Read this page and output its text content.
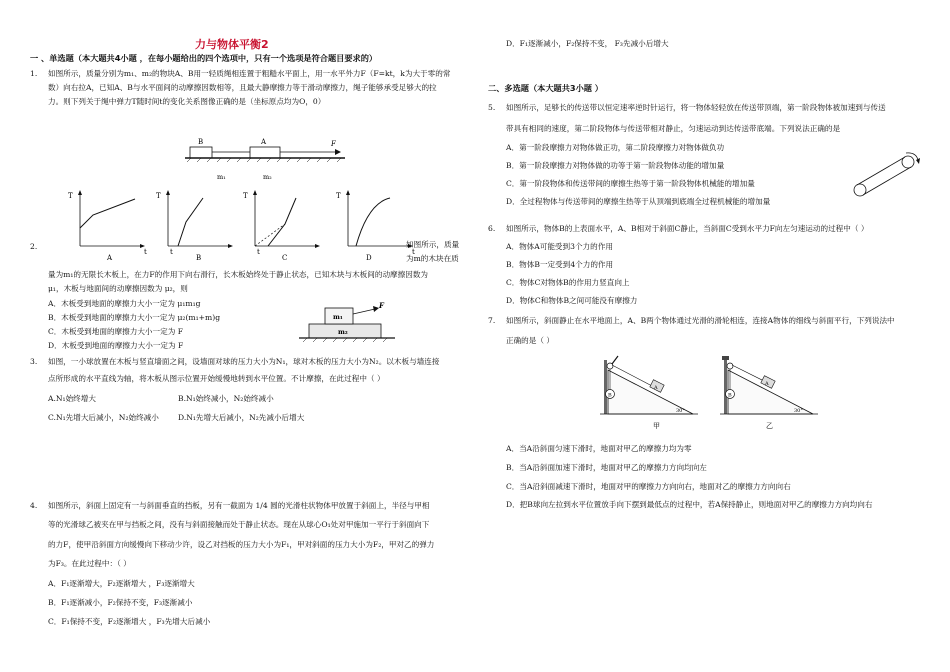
力与物体平衡2
一 、单选题（本大题共4小题 ，在每小题给出的四个选项中，只有一个选项是符合题目要求的）
1. 如图所示，质量分别为m₁、m₂的物块A、B用一轻质绳相连置于粗糙水平面上，用一水平外力F（F=kt，k为大于零的常
数）向右拉A，已知A、B与水平面间的动摩擦因数相等，且最大静摩擦力等于滑动摩擦力，绳子能够承受足够大的拉
力。则下列关于绳中弹力T随时间t的变化关系图像正确的是（坐标原点均为O，0）
B	A	F
m₁	m₂
2.
T
t
A
T
t
B
T
t
C
T
t
D
如图所示，质量
为m的木块在质
量为m₁的无限长木板上，在力F的作用下向右滑行，长木板始终处于静止状态，已知木块与木板间的动摩擦因数为
μ₁，木板与地面间的动摩擦因数为 μ₂，则
A．木板受到地面的摩擦力大小一定为 μ₁m₁g
B．木板受到地面的摩擦力大小一定为 μ₂(m₁+m)g
C．木板受到地面的摩擦力大小一定为 F
D．木板受到地面的摩擦力大小一定为 F
m₁
m₂
F
3. 如图，一小球放置在木板与竖直墙面之间，设墙面对球的压力大小为N₁，球对木板的压力大小为N₂。以木板与墙连接
点所形成的水平直线为轴，将木板从图示位置开始缓慢地转到水平位置。不计摩擦，在此过程中（ ）
A.N₁始终增大	B.N₁始终减小，N₂始终减小
C.N₁先增大后减小，N₂始终减小	D.N₁先增大后减小，N₂先减小后增大
4. 如图所示，斜面上固定有一与斜面垂直的挡板，另有一截面为 1/4 圆的光滑柱状物体甲放置于斜面上，半径与甲相
等的光滑球乙被夹在甲与挡板之间，没有与斜面接触而处于静止状态。现在从球心O₁处对甲施加一平行于斜面向下
的力F，使甲沿斜面方向缓慢向下移动少许，设乙对挡板的压力大小为F₁，甲对斜面的压力大小为F₂，甲对乙的弹力
为F₃。在此过程中：（ ）
A．F₁逐渐增大，F₂逐渐增大 ，F₃逐渐增大
B．F₁逐渐减小，F₂保持不变，F₃逐渐减小
C．F₁保持不变，F₂逐渐增大 ，F₃先增大后减小
D．F₁逐渐减小，F₂保持不变， F₃先减小后增大
二、多选题（本大题共3小题 ）
5. 如图所示，足够长的传送带以恒定速率逆时针运行，将一物体轻轻放在传送带顶端，第一阶段物体被加速到与传送
带具有相同的速度，第二阶段物体与传送带相对静止，匀速运动到达传送带底端。下列说法正确的是
A．第一阶段摩擦力对物体做正功，第二阶段摩擦力对物体做负功
B．第一阶段摩擦力对物体做的功等于第一阶段物体动能的增加量
C．第一阶段物体和传送带间的摩擦生热等于第一阶段物体机械能的增加量
D．全过程物体与传送带间的摩擦生热等于从顶端到底端全过程机械能的增加量
6. 如图所示，物体B的上表面水平，A、B相对于斜面C静止，当斜面C受到水平力F向左匀速运动的过程中（ ）
A．物体A可能受到3个力的作用
B．物体B一定受到4个力的作用
C．物体C对物体B的作用力竖直向上
D．物体C和物体B之间可能没有摩擦力
7. 如图所示，斜面静止在水平地面上，A、B两个物体通过光滑的滑轮相连，连接A物体的细线与斜面平行，下列说法中
正确的是（ ）
B
A
30°
甲
B
A
30°
乙
A．当A沿斜面匀速下滑时，地面对甲乙的摩擦力均为零
B．当A沿斜面加速下滑时，地面对甲乙的摩擦力方向均向左
C．当A沿斜面减速下滑时，地面对甲的摩擦力方向向右，地面对乙的摩擦力方向向右
D．把B球向左拉到水平位置放手向下摆到最低点的过程中，若A保持静止，则地面对甲乙的摩擦力方向均向右
